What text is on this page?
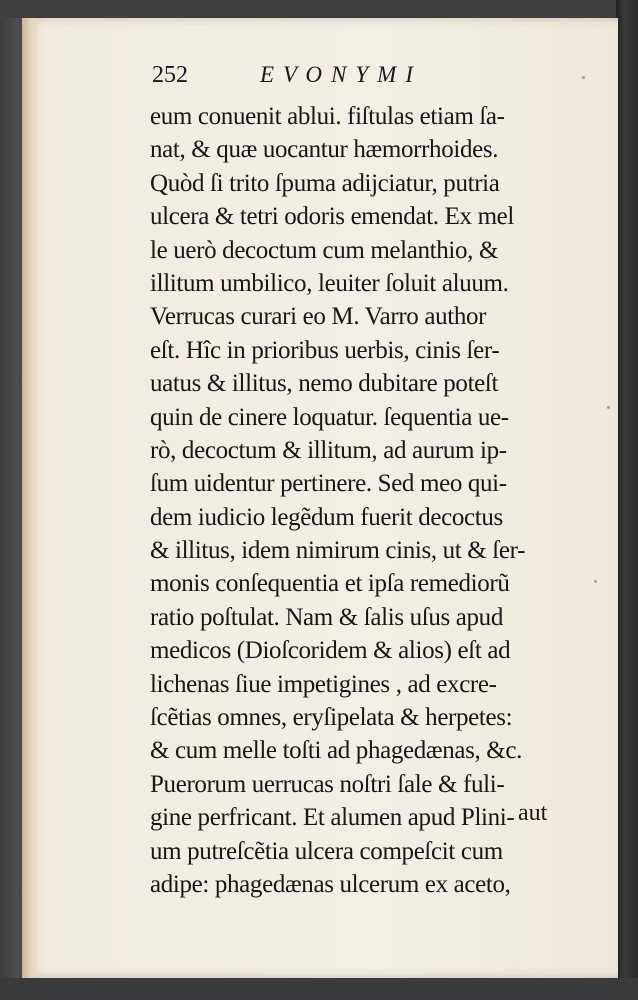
252	EVONYMI
eum conuenit ablui. fiſtulas etiam ſa-
nat, & quæ uocantur hæmorrhoides.
Quòd ſi trito ſpuma adijciatur, putria
ulcera & tetri odoris emendat. Ex mel
le uerò decoctum cum melanthio, &
illitum umbilico, leuiter ſoluit aluum.
Verrucas curari eo M. Varro author
eſt. Hîc in prioribus uerbis, cinis ſer-
uatus & illitus, nemo dubitare poteſt
quin de cinere loquatur. ſequentia ue-
rò, decoctum & illitum, ad aurum ip-
ſum uidentur pertinere. Sed meo qui-
dem iudicio legẽdum fuerit decoctus
& illitus, idem nimirum cinis, ut & ſer-
monis conſequentia et ipſa remediorũ
ratio poſtulat. Nam & ſalis uſus apud
medicos (Dioſcoridem & alios) eſt ad
lichenas ſiue impetigines , ad excre-
ſcẽtias omnes, eryſipelata & herpetes:
& cum melle toſti ad phagedænas, &c.
Puerorum uerrucas noſtri ſale & fuli-
gine perfricant. Et alumen apud Plini-
um putreſcẽtia ulcera compeſcit cum
adipe: phagedænas ulcerum ex aceto,
aut
